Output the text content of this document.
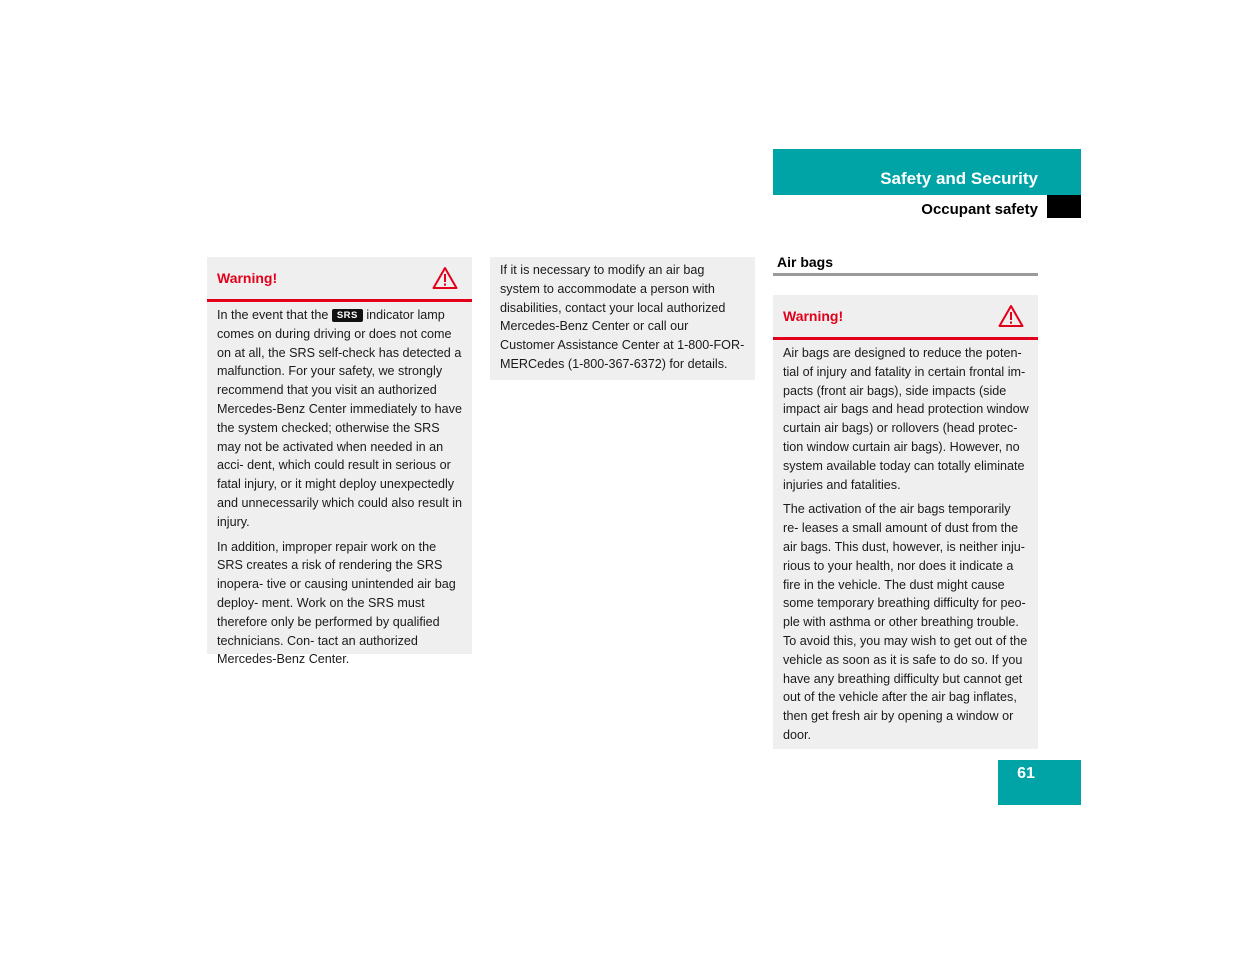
Safety and Security
Occupant safety
Warning!

In the event that the SRS indicator lamp comes on during driving or does not come on at all, the SRS self-check has detected a malfunction. For your safety, we strongly recommend that you visit an authorized Mercedes-Benz Center immediately to have the system checked; otherwise the SRS may not be activated when needed in an acci- dent, which could result in serious or fatal injury, or it might deploy unexpectedly and unnecessarily which could also result in injury.

In addition, improper repair work on the SRS creates a risk of rendering the SRS inopera- tive or causing unintended air bag deploy- ment. Work on the SRS must therefore only be performed by qualified technicians. Con- tact an authorized Mercedes-Benz Center.

If it is necessary to modify an air bag system to accommodate a person with disabilities, contact your local authorized Mercedes-Benz Center or call our Customer Assistance Center at 1-800-FOR-MERCedes (1-800-367-6372) for details.

Air bags
Warning!

Air bags are designed to reduce the poten- tial of injury and fatality in certain frontal im- pacts (front air bags), side impacts (side impact air bags and head protection window curtain air bags) or rollovers (head protec- tion window curtain air bags). However, no system available today can totally eliminate injuries and fatalities.

The activation of the air bags temporarily re- leases a small amount of dust from the air bags. This dust, however, is neither inju- rious to your health, nor does it indicate a fire in the vehicle. The dust might cause some temporary breathing difficulty for peo- ple with asthma or other breathing trouble. To avoid this, you may wish to get out of the vehicle as soon as it is safe to do so. If you have any breathing difficulty but cannot get out of the vehicle after the air bag inflates, then get fresh air by opening a window or door.

61
